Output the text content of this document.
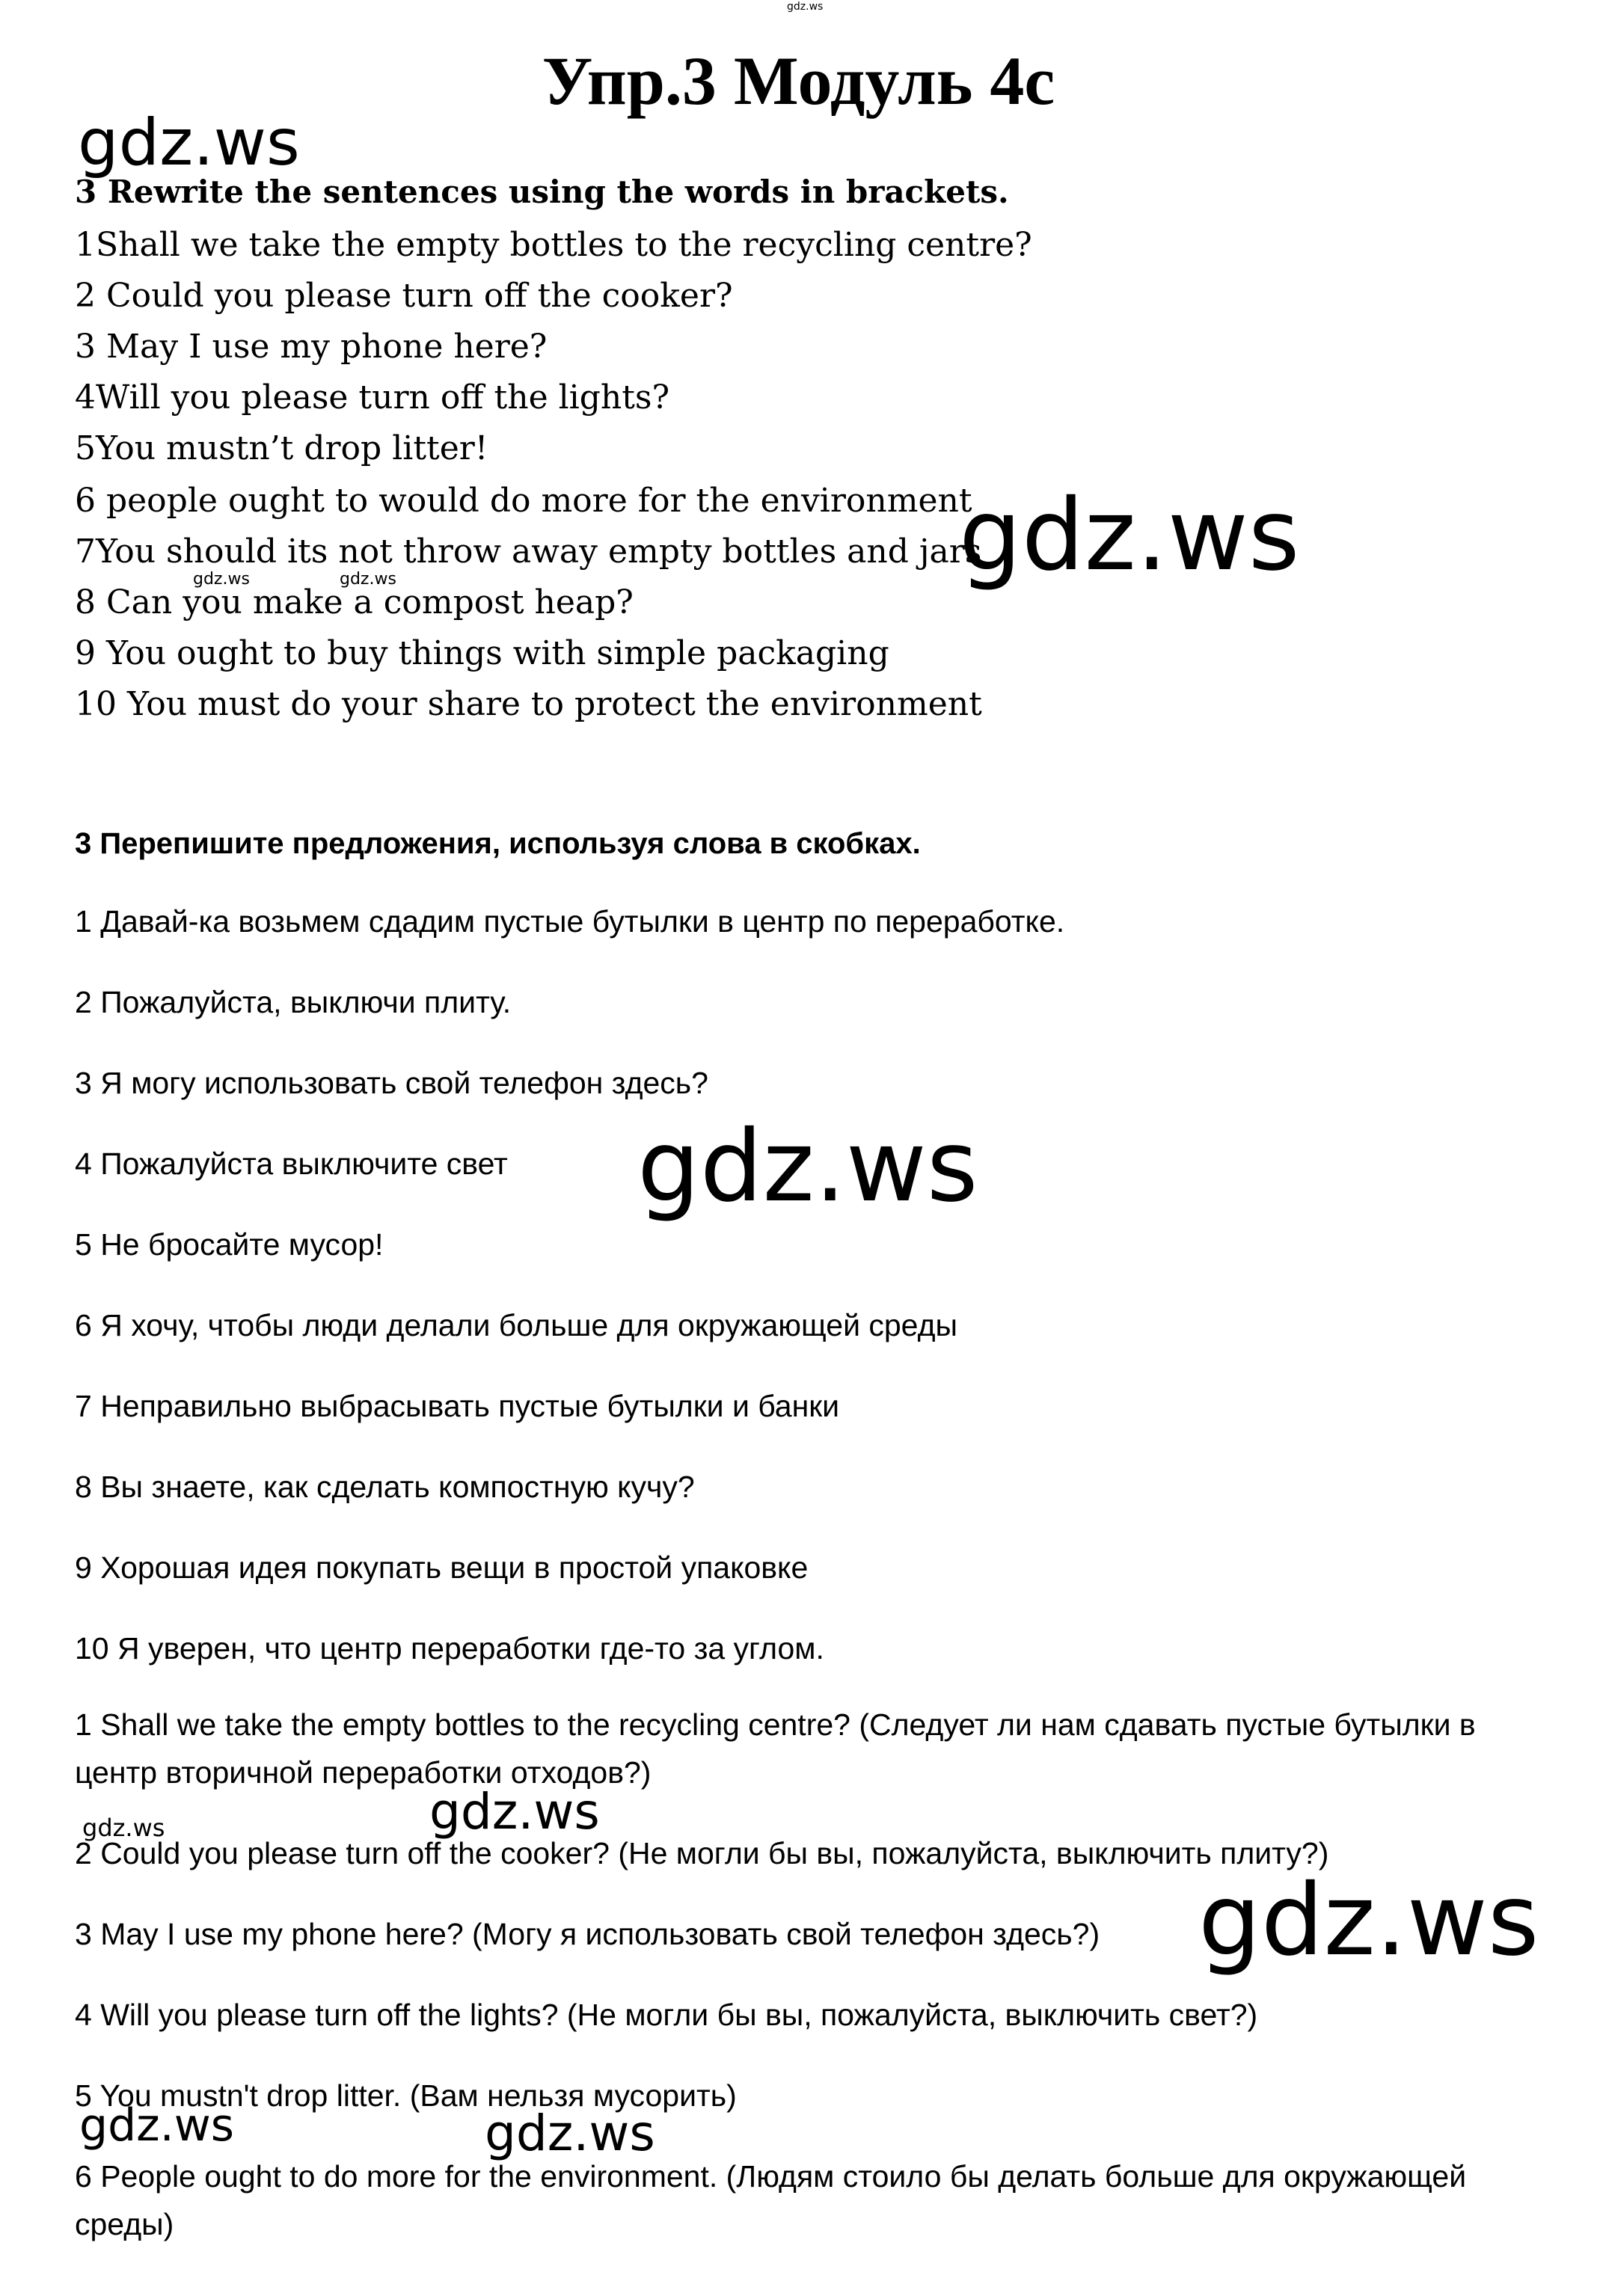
gdz.ws
gdz.ws
gdz.ws
gdz.ws	gdz.ws
gdz.ws
gdz.ws	gdz.ws
gdz.ws
gdz.ws	gdz.ws
Упр.3 Модуль 4с
3 Rewrite the sentences using the words in brackets.
1Shall we take the empty bottles to the recycling centre?
2 Could you please turn off the cooker?
3 May I use my phone here?
4Will you please turn off the lights?
5You mustn’t drop litter!
6 people ought to would do more for the environment
7You should its not throw away empty bottles and jars
8 Can you make a compost heap?
9 You ought to buy things with simple packaging
10 You must do your share to protect the environment
3 Перепишите предложения, используя слова в скобках.
1 Давай-ка возьмем сдадим пустые бутылки в центр по переработке.
2 Пожалуйста, выключи плиту.
3 Я могу использовать свой телефон здесь?
4 Пожалуйста выключите свет
5 Не бросайте мусор!
6 Я хочу, чтобы люди делали больше для окружающей среды
7 Неправильно выбрасывать пустые бутылки и банки
8 Вы знаете, как сделать компостную кучу?
9 Хорошая идея покупать вещи в простой упаковке
10 Я уверен, что центр переработки где-то за углом.
1 Shall we take the empty bottles to the recycling centre? (Следует ли нам сдавать пустые бутылки в центр вторичной переработки отходов?)
2 Could you please turn off the cooker? (Не могли бы вы, пожалуйста, выключить плиту?)
3 May I use my phone here? (Могу я использовать свой телефон здесь?)
4 Will you please turn off the lights? (Не могли бы вы, пожалуйста, выключить свет?)
5 You mustn't drop litter. (Вам нельзя мусорить)
6 People ought to do more for the environment. (Людям стоило бы делать больше для окружающей среды)
